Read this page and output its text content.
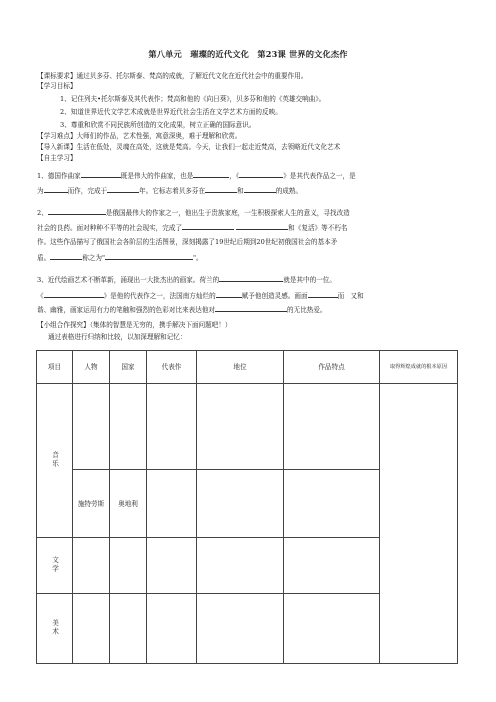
第八单元　璀璨的近代文化　第23课 世界的文化杰作
【课标要求】通过贝多芬、托尔斯泰、梵高的成就，了解近代文化在近代社会中的重要作用。
【学习目标】
1、记住列夫•托尔斯泰及其代表作；梵高和他的《向日葵》，贝多芬和他的《英雄交响曲》。
2、知道世界近代文学艺术成就是世界近代社会生活在文学艺术方面的反映。
3、尊重和欣赏不同民族所创造的文化成果，树立正确的国际意识。
【学习难点】大师们的作品，艺术性强，寓意深奥，难于理解和欣赏。
【导入新课】生活在低处，灵魂在高处，这就是梵高。今天，让我们一起走近梵高，去领略近代文化艺术
【自主学习】
1、德国作曲家	既是伟大的作曲家，也是	，《	》是其代表作品之一，是
为	而作，完成于	年。它标志着贝多芬在	和	的成熟。
2、	是俄国最伟大的作家之一，他出生于贵族家庭，一生积极探索人生的意义，寻找改造
社会的良药。面对种种不平等的社会现实，完成了	和《复活》等不朽名
作。这些作品描写了俄国社会各阶层的生活图景，深刻揭露了19世纪后期到20世纪初俄国社会的基本矛
盾。	称之为"	"。
3、近代绘画艺术不断革新，涌现出一大批杰出的画家。荷兰的	就是其中的一位。
《	》是他的代表作之一，法国南方灿烂的	赋予他创造灵感。画面	而 又和
谐、幽雅，画家运用有力的笔触和强烈的色彩对比来表达他对	的无比热爱。
【小组合作探究】（集体的智慧是无穷的，携手解决下面问题吧！）
通过表格进行归纳和比较，以加深理解和记忆：
项目	人物	国家	代表作	地位	作品特点	取得辉煌成就的根本原因
音乐						
	施特劳斯	奥地利				
文学						
美术						
